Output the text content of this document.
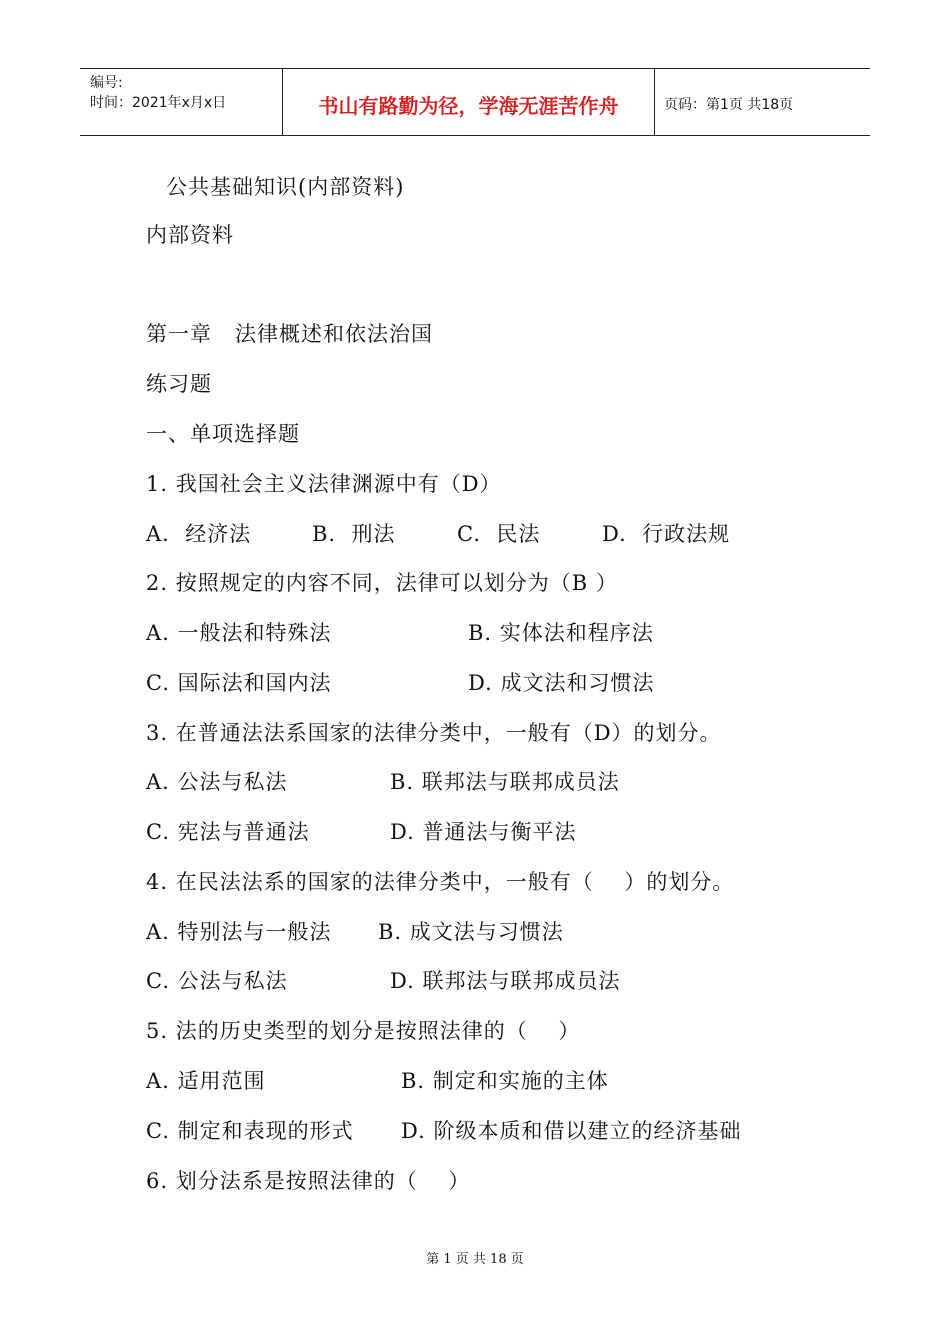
编号:
时间：2021年x月x日	书山有路勤为径，学海无涯苦作舟	页码：第1页 共18页
公共基础知识(内部资料)
内部资料
第一章   法律概述和依法治国
练习题
一、单项选择题
1. 我国社会主义法律渊源中有（D）
A.  经济法	B.  刑法	C.  民法	D.  行政法规
2. 按照规定的内容不同，法律可以划分为（B ）
A. 一般法和特殊法	B. 实体法和程序法
C. 国际法和国内法	D. 成文法和习惯法
3. 在普通法法系国家的法律分类中，一般有（D）的划分。
A. 公法与私法	B. 联邦法与联邦成员法
C. 宪法与普通法	D. 普通法与衡平法
4. 在民法法系的国家的法律分类中，一般有（    ）的划分。
A. 特别法与一般法 B. 成文法与习惯法
C. 公法与私法	D. 联邦法与联邦成员法
5. 法的历史类型的划分是按照法律的（    ）
A. 适用范围	B. 制定和实施的主体
C. 制定和表现的形式 D. 阶级本质和借以建立的经济基础
6. 划分法系是按照法律的（    ）
第 1 页 共 18 页
